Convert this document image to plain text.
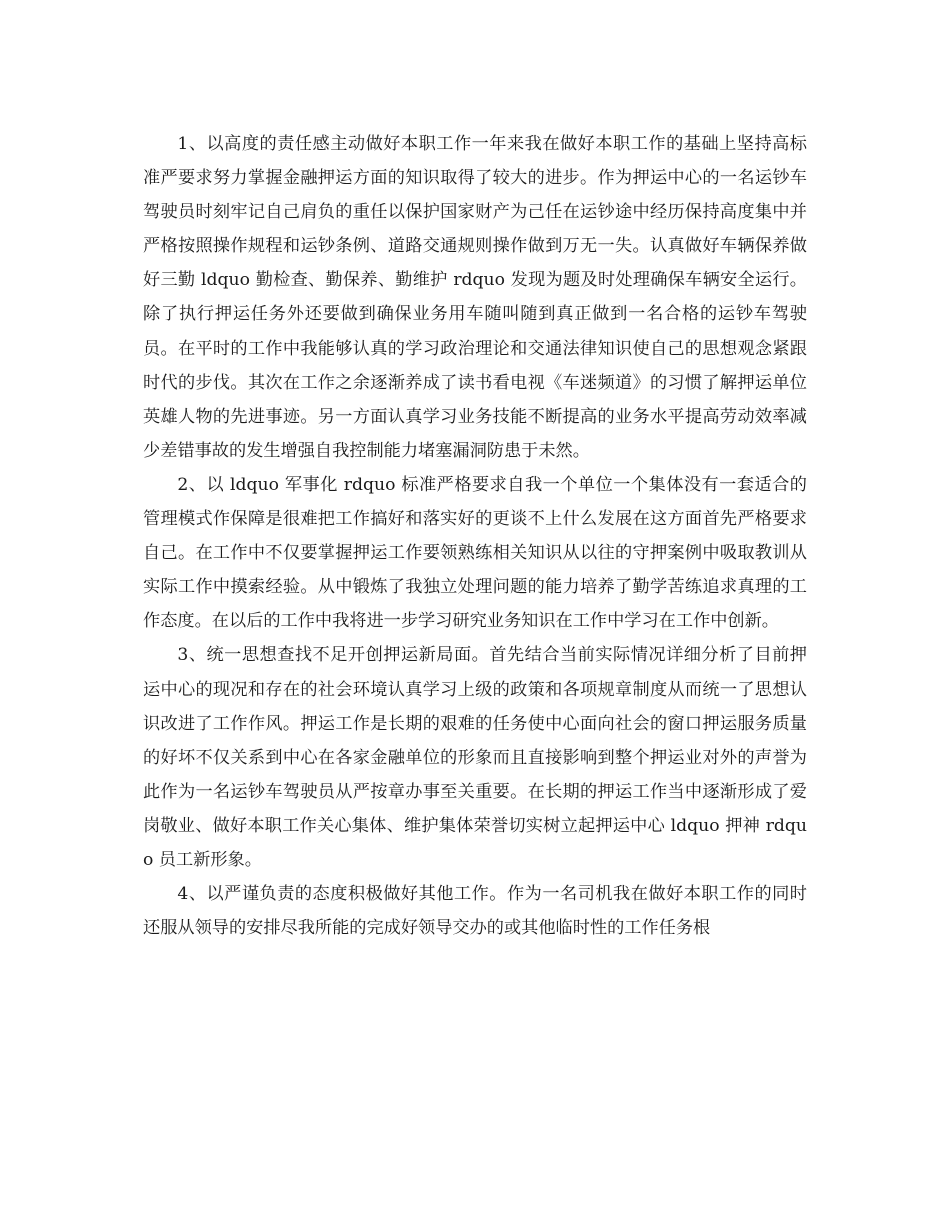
1、以高度的责任感主动做好本职工作一年来我在做好本职工作的基础上坚持高标准严要求努力掌握金融押运方面的知识取得了较大的进步。作为押运中心的一名运钞车驾驶员时刻牢记自己肩负的重任以保护国家财产为己任在运钞途中经历保持高度集中并严格按照操作规程和运钞条例、道路交通规则操作做到万无一失。认真做好车辆保养做好三勤 ldquo 勤检查、勤保养、勤维护 rdquo 发现为题及时处理确保车辆安全运行。除了执行押运任务外还要做到确保业务用车随叫随到真正做到一名合格的运钞车驾驶员。在平时的工作中我能够认真的学习政治理论和交通法律知识使自己的思想观念紧跟时代的步伐。其次在工作之余逐渐养成了读书看电视《车迷频道》的习惯了解押运单位英雄人物的先进事迹。另一方面认真学习业务技能不断提高的业务水平提高劳动效率减少差错事故的发生增强自我控制能力堵塞漏洞防患于未然。

2、以 ldquo 军事化 rdquo 标准严格要求自我一个单位一个集体没有一套适合的管理模式作保障是很难把工作搞好和落实好的更谈不上什么发展在这方面首先严格要求自己。在工作中不仅要掌握押运工作要领熟练相关知识从以往的守押案例中吸取教训从实际工作中摸索经验。从中锻炼了我独立处理问题的能力培养了勤学苦练追求真理的工作态度。在以后的工作中我将进一步学习研究业务知识在工作中学习在工作中创新。

3、统一思想查找不足开创押运新局面。首先结合当前实际情况详细分析了目前押运中心的现况和存在的社会环境认真学习上级的政策和各项规章制度从而统一了思想认识改进了工作作风。押运工作是长期的艰难的任务使中心面向社会的窗口押运服务质量的好坏不仅关系到中心在各家金融单位的形象而且直接影响到整个押运业对外的声誉为此作为一名运钞车驾驶员从严按章办事至关重要。在长期的押运工作当中逐渐形成了爱岗敬业、做好本职工作关心集体、维护集体荣誉切实树立起押运中心 ldquo 押神 rdquo 员工新形象。

4、以严谨负责的态度积极做好其他工作。作为一名司机我在做好本职工作的同时还服从领导的安排尽我所能的完成好领导交办的或其他临时性的工作任务根
